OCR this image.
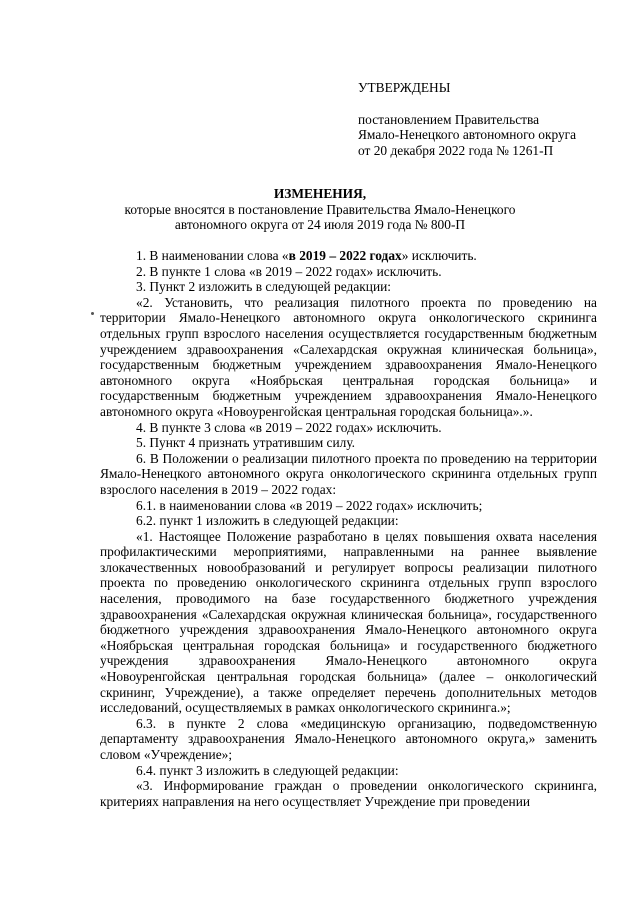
УТВЕРЖДЕНЫ
постановлением Правительства
Ямало-Ненецкого автономного округа
от 20 декабря 2022 года № 1261-П
ИЗМЕНЕНИЯ,
которые вносятся в постановление Правительства Ямало-Ненецкого
автономного округа от 24 июля 2019 года № 800-П

1. В наименовании слова «в 2019 – 2022 годах» исключить.

2. В пункте 1 слова «в 2019 – 2022 годах» исключить.

3. Пункт 2 изложить в следующей редакции:

«2. Установить, что реализация пилотного проекта по проведению на территории Ямало-Ненецкого автономного округа онкологического скрининга отдельных групп взрослого населения осуществляется государственным бюджетным учреждением здравоохранения «Салехардская окружная клиническая больница», государственным бюджетным учреждением здравоохранения Ямало-Ненецкого автономного округа «Ноябрьская центральная городская больница» и государственным бюджетным учреждением здравоохранения Ямало-Ненецкого автономного округа «Новоуренгойская центральная городская больница».».

4. В пункте 3 слова «в 2019 – 2022 годах» исключить.

5. Пункт 4 признать утратившим силу.

6. В Положении о реализации пилотного проекта по проведению на территории Ямало-Ненецкого автономного округа онкологического скрининга отдельных групп взрослого населения в 2019 – 2022 годах:

6.1. в наименовании слова «в 2019 – 2022 годах» исключить;

6.2. пункт 1 изложить в следующей редакции:

«1. Настоящее Положение разработано в целях повышения охвата населения профилактическими мероприятиями, направленными на раннее выявление злокачественных новообразований и регулирует вопросы реализации пилотного проекта по проведению онкологического скрининга отдельных групп взрослого населения, проводимого на базе государственного бюджетного учреждения здравоохранения «Салехардская окружная клиническая больница», государственного бюджетного учреждения здравоохранения Ямало-Ненецкого автономного округа «Ноябрьская центральная городская больница» и государственного бюджетного учреждения здравоохранения Ямало-Ненецкого автономного округа «Новоуренгойская центральная городская больница» (далее – онкологический скрининг, Учреждение), а также определяет перечень дополнительных методов исследований, осуществляемых в рамках онкологического скрининга.»;

6.3. в пункте 2 слова «медицинскую организацию, подведомственную департаменту здравоохранения Ямало-Ненецкого автономного округа,» заменить словом «Учреждение»;

6.4. пункт 3 изложить в следующей редакции:

«3. Информирование граждан о проведении онкологического скрининга, критериях направления на него осуществляет Учреждение при проведении
